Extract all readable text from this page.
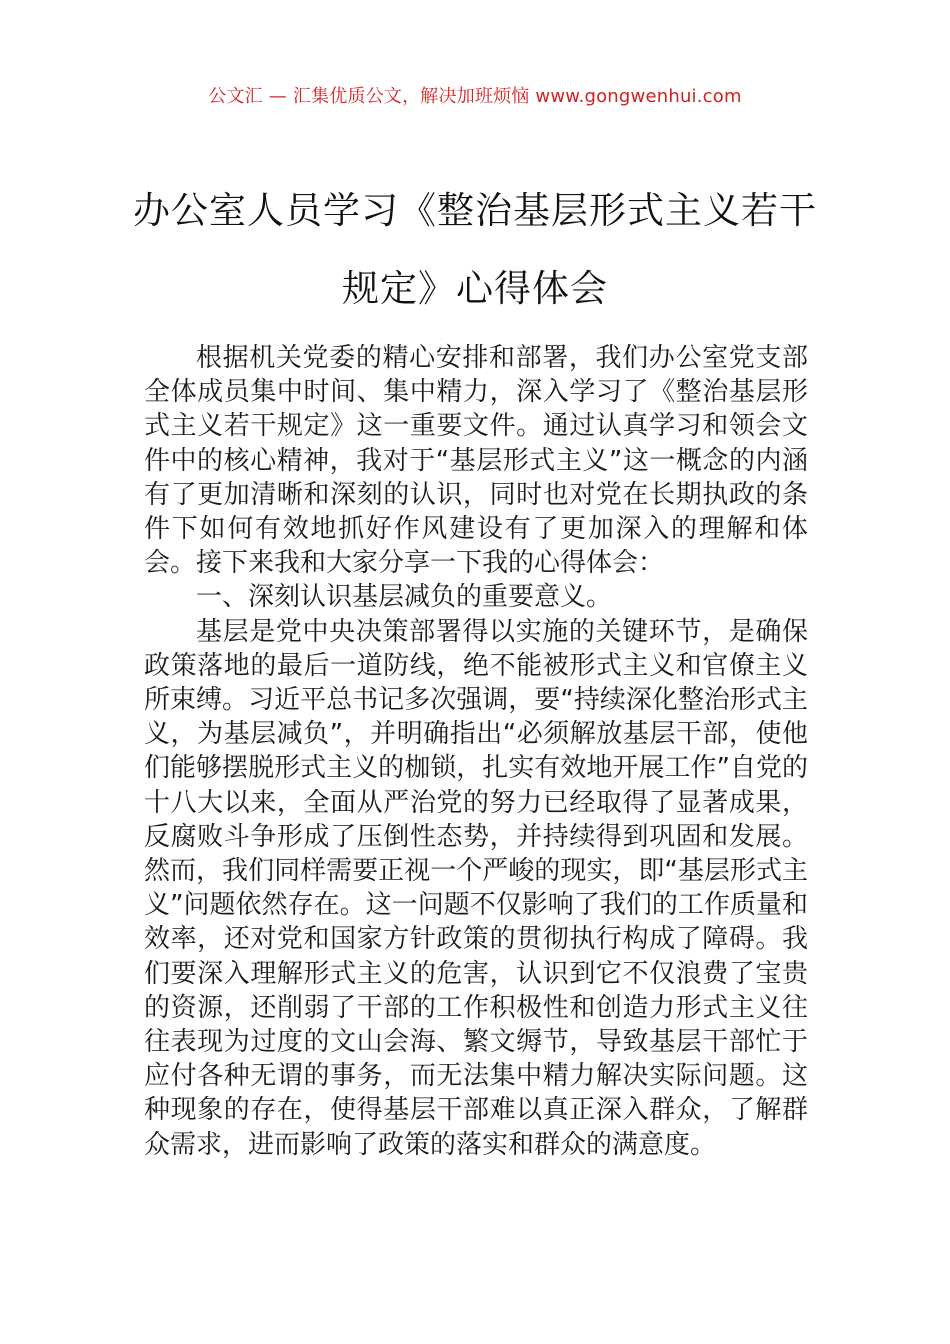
公文汇 — 汇集优质公文，解决加班烦恼 www.gongwenhui.com
办公室人员学习《整治基层形式主义若干
规定》心得体会

根据机关党委的精心安排和部署，我们办公室党支部全体成员集中时间、集中精力，深入学习了《整治基层形式主义若干规定》这一重要文件。通过认真学习和领会文件中的核心精神，我对于“基层形式主义”这一概念的内涵有了更加清晰和深刻的认识，同时也对党在长期执政的条件下如何有效地抓好作风建设有了更加深入的理解和体会。接下来我和大家分享一下我的心得体会：

一、深刻认识基层减负的重要意义。

基层是党中央决策部署得以实施的关键环节，是确保政策落地的最后一道防线，绝不能被形式主义和官僚主义所束缚。习近平总书记多次强调，要“持续深化整治形式主义，为基层减负”，并明确指出“必须解放基层干部，使他们能够摆脱形式主义的枷锁，扎实有效地开展工作”自党的十八大以来，全面从严治党的努力已经取得了显著成果，反腐败斗争形成了压倒性态势，并持续得到巩固和发展。然而，我们同样需要正视一个严峻的现实，即“基层形式主义”问题依然存在。这一问题不仅影响了我们的工作质量和效率，还对党和国家方针政策的贯彻执行构成了障碍。我们要深入理解形式主义的危害，认识到它不仅浪费了宝贵的资源，还削弱了干部的工作积极性和创造力形式主义往往表现为过度的文山会海、繁文缛节，导致基层干部忙于应付各种无谓的事务，而无法集中精力解决实际问题。这种现象的存在，使得基层干部难以真正深入群众，了解群众需求，进而影响了政策的落实和群众的满意度。
